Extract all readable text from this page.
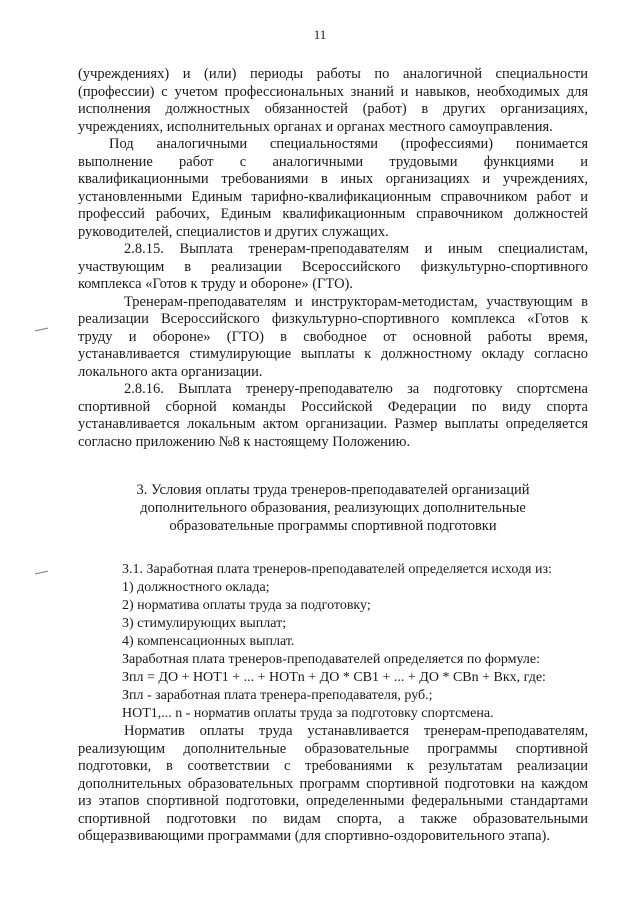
11

(учреждениях) и (или) периоды работы по аналогичной специальности

(профессии) с учетом профессиональных знаний и навыков, необходимых для

исполнения должностных обязанностей (работ) в других организациях,

учреждениях, исполнительных органах и органах местного самоуправления.

Под аналогичными специальностями (профессиями) понимается

выполнение работ с аналогичными трудовыми функциями и

квалификационными требованиями в иных организациях и учреждениях,

установленными Единым тарифно-квалификационным справочником работ и

профессий рабочих, Единым квалификационным справочником должностей

руководителей, специалистов и других служащих.

2.8.15. Выплата тренерам-преподавателям и иным специалистам,

участвующим в реализации Всероссийского физкультурно-спортивного

комплекса «Готов к труду и обороне» (ГТО).

Тренерам-преподавателям и инструкторам-методистам, участвующим в

реализации Всероссийского физкультурно-спортивного комплекса «Готов к

труду и обороне» (ГТО) в свободное от основной работы время,

устанавливается стимулирующие выплаты к должностному окладу согласно

локального акта организации.

2.8.16. Выплата тренеру-преподавателю за подготовку спортсмена

спортивной сборной команды Российской Федерации по виду спорта

устанавливается локальным актом организации. Размер выплаты определяется

согласно приложению №8 к настоящему Положению.

3. Условия оплаты труда тренеров-преподавателей организаций

дополнительного образования, реализующих дополнительные

образовательные программы спортивной подготовки

3.1. Заработная плата тренеров-преподавателей определяется исходя из:

1) должностного оклада;

2) норматива оплаты труда за подготовку;

3) стимулирующих выплат;

4) компенсационных выплат.

Заработная плата тренеров-преподавателей определяется по формуле:

Зпл = ДО + НОТ1 + ... + НОТn + ДО * СВ1 + ... + ДО * СВn + Вкх, где:

Зпл - заработная плата тренера-преподавателя, руб.;

НОТ1,... n - норматив оплаты труда за подготовку спортсмена.

Норматив оплаты труда устанавливается тренерам-преподавателям,

реализующим дополнительные образовательные программы спортивной

подготовки, в соответствии с требованиями к результатам реализации

дополнительных образовательных программ спортивной подготовки на каждом

из этапов спортивной подготовки, определенными федеральными стандартами

спортивной подготовки по видам спорта, а также образовательными

общеразвивающими программами (для спортивно-оздоровительного этапа).
